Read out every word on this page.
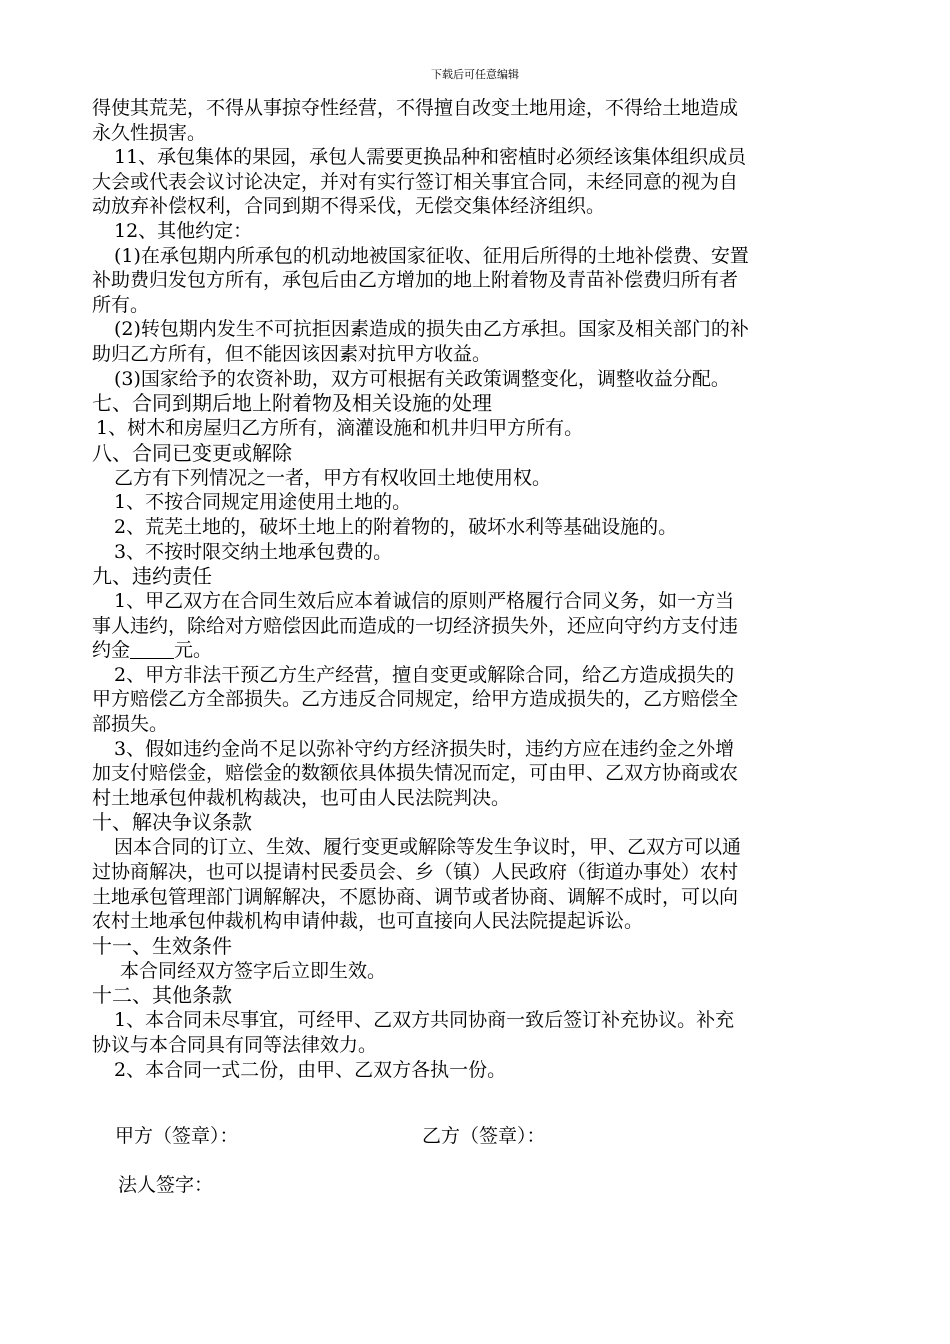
下载后可任意编辑
得使其荒芜，不得从事掠夺性经营，不得擅自改变土地用途，不得给土地造成
永久性损害。
11、承包集体的果园，承包人需要更换品种和密植时必须经该集体组织成员
大会或代表会议讨论决定，并对有实行签订相关事宜合同，未经同意的视为自
动放弃补偿权利，合同到期不得采伐，无偿交集体经济组织。
12、其他约定：
(1)在承包期内所承包的机动地被国家征收、征用后所得的土地补偿费、安置
补助费归发包方所有，承包后由乙方增加的地上附着物及青苗补偿费归所有者
所有。
(2)转包期内发生不可抗拒因素造成的损失由乙方承担。国家及相关部门的补
助归乙方所有，但不能因该因素对抗甲方收益。
(3)国家给予的农资补助，双方可根据有关政策调整变化，调整收益分配。
七、合同到期后地上附着物及相关设施的处理
1、树木和房屋归乙方所有，滴灌设施和机井归甲方所有。
八、合同已变更或解除
乙方有下列情况之一者，甲方有权收回土地使用权。
1、不按合同规定用途使用土地的。
2、荒芜土地的，破坏土地上的附着物的，破坏水利等基础设施的。
3、不按时限交纳土地承包费的。
九、违约责任
1、甲乙双方在合同生效后应本着诚信的原则严格履行合同义务，如一方当
事人违约，除给对方赔偿因此而造成的一切经济损失外，还应向守约方支付违
约金 元。
2、甲方非法干预乙方生产经营，擅自变更或解除合同，给乙方造成损失的
甲方赔偿乙方全部损失。乙方违反合同规定，给甲方造成损失的，乙方赔偿全
部损失。
3、假如违约金尚不足以弥补守约方经济损失时，违约方应在违约金之外增
加支付赔偿金，赔偿金的数额依具体损失情况而定，可由甲、乙双方协商或农
村土地承包仲裁机构裁决，也可由人民法院判决。
十、解决争议条款
因本合同的订立、生效、履行变更或解除等发生争议时，甲、乙双方可以通
过协商解决，也可以提请村民委员会、乡（镇）人民政府（街道办事处）农村
土地承包管理部门调解解决，不愿协商、调节或者协商、调解不成时，可以向
农村土地承包仲裁机构申请仲裁，也可直接向人民法院提起诉讼。
十一、生效条件
本合同经双方签字后立即生效。
十二、其他条款
1、本合同未尽事宜，可经甲、乙双方共同协商一致后签订补充协议。补充
协议与本合同具有同等法律效力。
2、本合同一式二份，由甲、乙双方各执一份。
甲方（签章）：	乙方（签章）：
法人签字：
